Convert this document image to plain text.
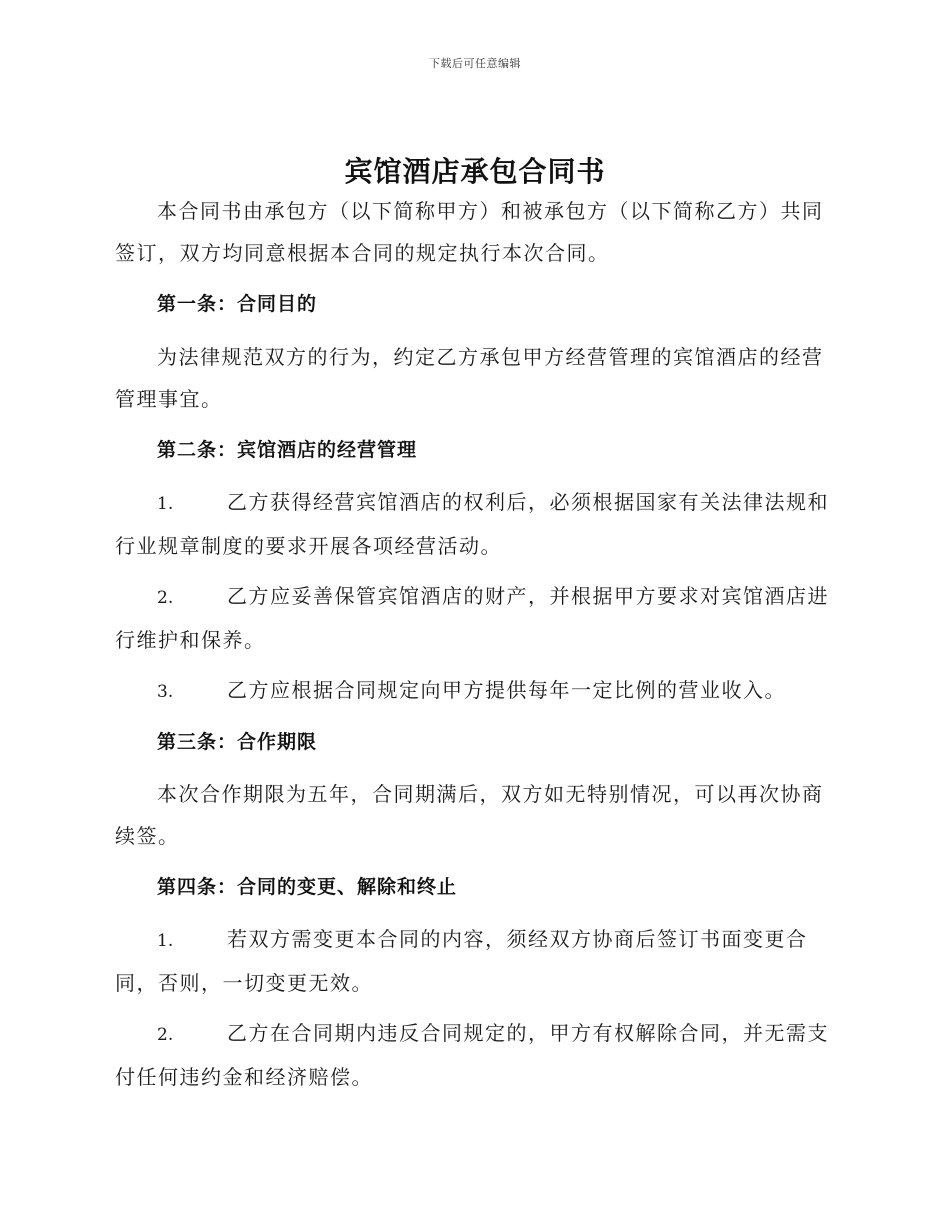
下载后可任意编辑
宾馆酒店承包合同书

本合同书由承包方（以下简称甲方）和被承包方（以下简称乙方）共同签订，双方均同意根据本合同的规定执行本次合同。

第一条：合同目的

为法律规范双方的行为，约定乙方承包甲方经营管理的宾馆酒店的经营管理事宜。

第二条：宾馆酒店的经营管理

1.	乙方获得经营宾馆酒店的权利后，必须根据国家有关法律法规和行业规章制度的要求开展各项经营活动。

2.	乙方应妥善保管宾馆酒店的财产，并根据甲方要求对宾馆酒店进行维护和保养。

3.	乙方应根据合同规定向甲方提供每年一定比例的营业收入。

第三条：合作期限

本次合作期限为五年，合同期满后，双方如无特别情况，可以再次协商续签。

第四条：合同的变更、解除和终止

1.	若双方需变更本合同的内容，须经双方协商后签订书面变更合同，否则，一切变更无效。

2.	乙方在合同期内违反合同规定的，甲方有权解除合同，并无需支付任何违约金和经济赔偿。
